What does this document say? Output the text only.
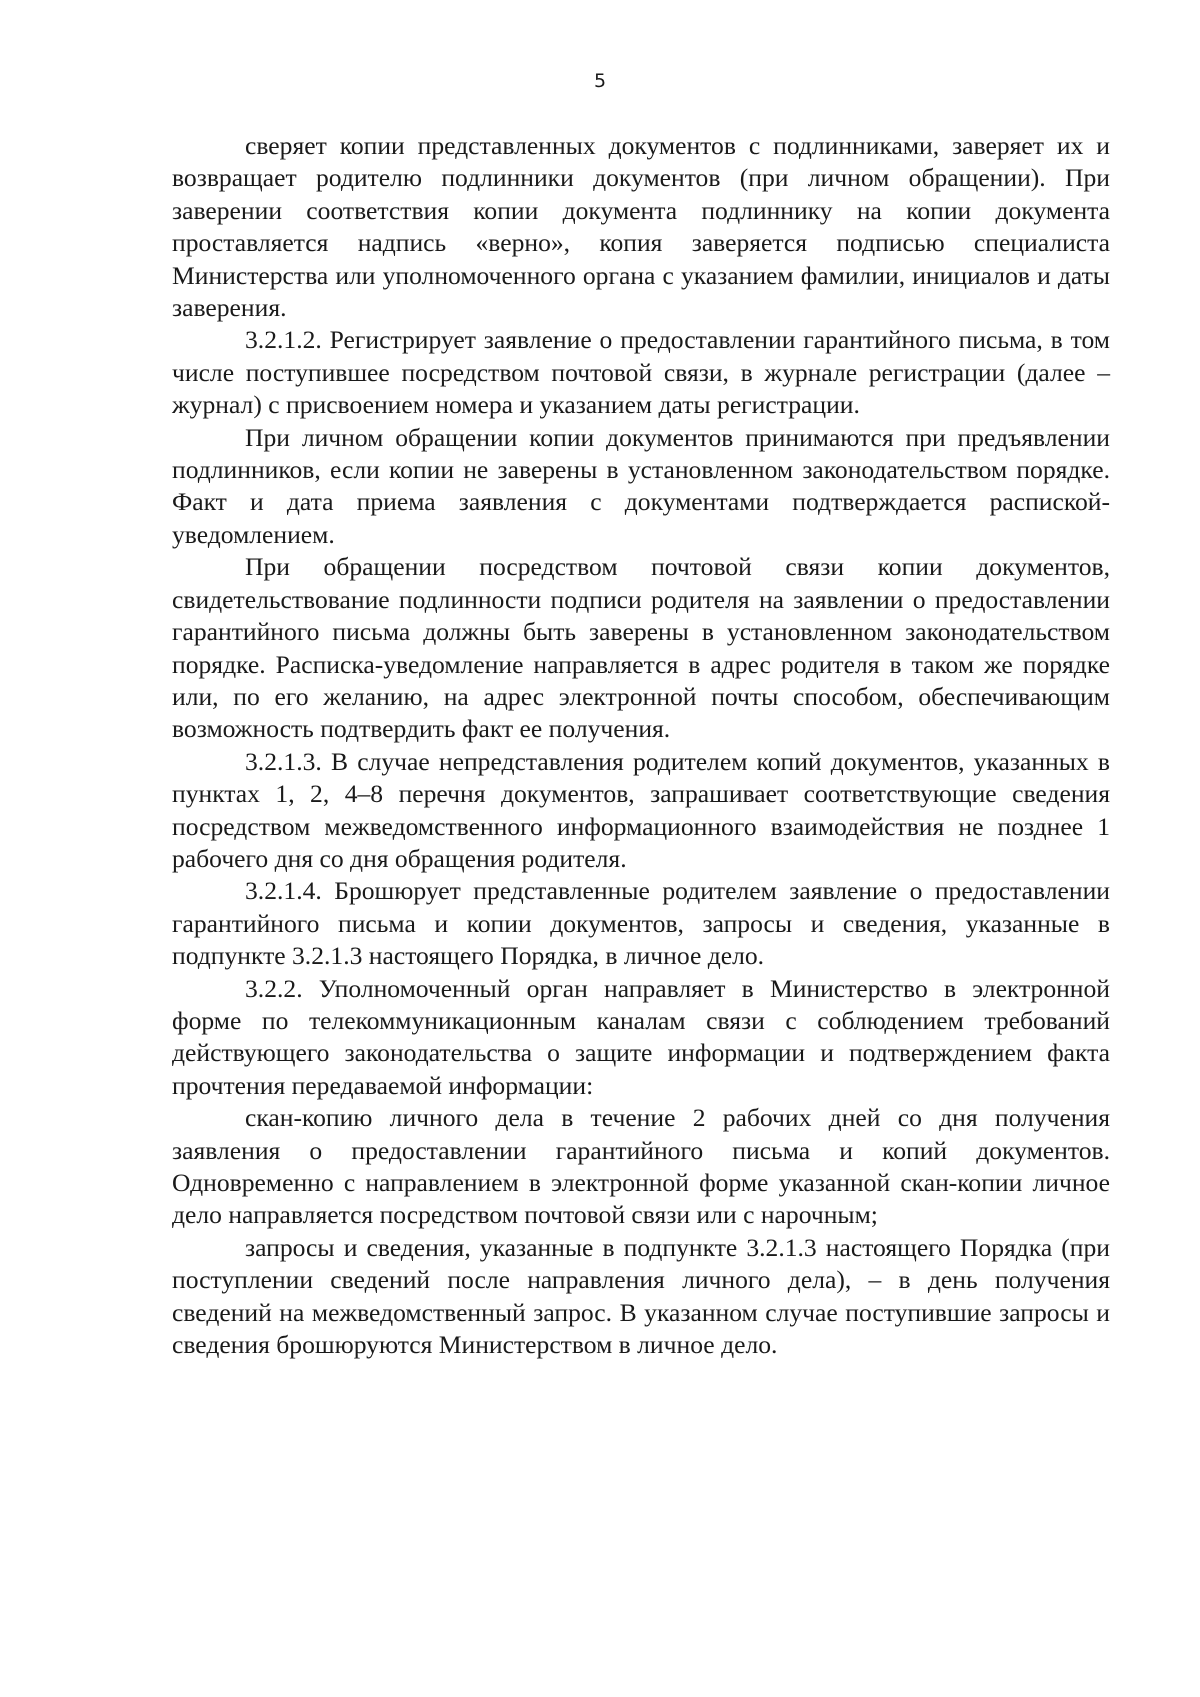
5

сверяет копии представленных документов с подлинниками, заверяет их и возвращает родителю подлинники документов (при личном обращении). При заверении соответствия копии документа подлиннику на копии документа проставляется надпись «верно», копия заверяется подписью специалиста Министерства или уполномоченного органа с указанием фамилии, инициалов и даты заверения.

3.2.1.2. Регистрирует заявление о предоставлении гарантийного письма, в том числе поступившее посредством почтовой связи, в журнале регистрации (далее – журнал) с присвоением номера и указанием даты регистрации.

При личном обращении копии документов принимаются при предъявлении подлинников, если копии не заверены в установленном законодательством порядке. Факт и дата приема заявления с документами подтверждается распиской-уведомлением.

При обращении посредством почтовой связи копии документов, свидетельствование подлинности подписи родителя на заявлении о предоставлении гарантийного письма должны быть заверены в установленном законодательством порядке. Расписка-уведомление направляется в адрес родителя в таком же порядке или, по его желанию, на адрес электронной почты способом, обеспечивающим возможность подтвердить факт ее получения.

3.2.1.3. В случае непредставления родителем копий документов, указанных в пунктах 1, 2, 4–8 перечня документов, запрашивает соответствующие сведения посредством межведомственного информационного взаимодействия не позднее 1 рабочего дня со дня обращения родителя.

3.2.1.4. Брошюрует представленные родителем заявление о предоставлении гарантийного письма и копии документов, запросы и сведения, указанные в подпункте 3.2.1.3 настоящего Порядка, в личное дело.

3.2.2. Уполномоченный орган направляет в Министерство в электронной форме по телекоммуникационным каналам связи с соблюдением требований действующего законодательства о защите информации и подтверждением факта прочтения передаваемой информации:

скан-копию личного дела в течение 2 рабочих дней со дня получения заявления о предоставлении гарантийного письма и копий документов. Одновременно с направлением в электронной форме указанной скан-копии личное дело направляется посредством почтовой связи или с нарочным;

запросы и сведения, указанные в подпункте 3.2.1.3 настоящего Порядка (при поступлении сведений после направления личного дела), – в день получения сведений на межведомственный запрос. В указанном случае поступившие запросы и сведения брошюруются Министерством в личное дело.
